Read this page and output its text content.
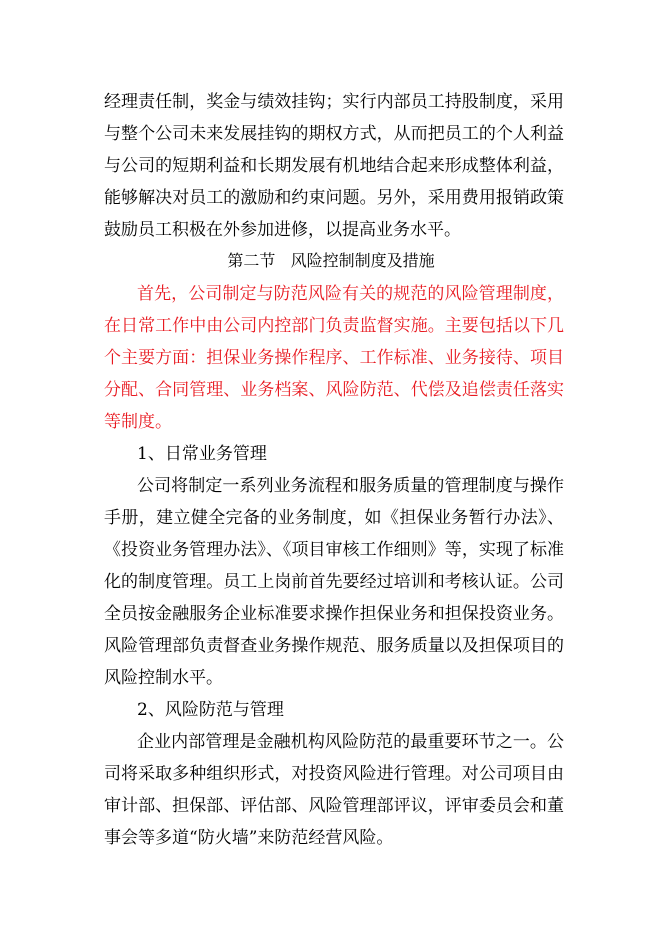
经理责任制，奖金与绩效挂钩；实行内部员工持股制度，采用
与整个公司未来发展挂钩的期权方式，从而把员工的个人利益
与公司的短期利益和长期发展有机地结合起来形成整体利益，
能够解决对员工的激励和约束问题。另外，采用费用报销政策
鼓励员工积极在外参加进修，以提高业务水平。
第二节   风险控制制度及措施
首先，公司制定与防范风险有关的规范的风险管理制度，
在日常工作中由公司内控部门负责监督实施。主要包括以下几
个主要方面：担保业务操作程序、工作标准、业务接待、项目
分配、合同管理、业务档案、风险防范、代偿及追偿责任落实
等制度。
1、日常业务管理
公司将制定一系列业务流程和服务质量的管理制度与操作
手册，建立健全完备的业务制度，如《担保业务暂行办法》、
《投资业务管理办法》、《项目审核工作细则》等，实现了标准
化的制度管理。员工上岗前首先要经过培训和考核认证。公司
全员按金融服务企业标准要求操作担保业务和担保投资业务。
风险管理部负责督查业务操作规范、服务质量以及担保项目的
风险控制水平。
2、风险防范与管理
企业内部管理是金融机构风险防范的最重要环节之一。公
司将采取多种组织形式，对投资风险进行管理。对公司项目由
审计部、担保部、评估部、风险管理部评议，评审委员会和董
事会等多道“防火墙”来防范经营风险。
